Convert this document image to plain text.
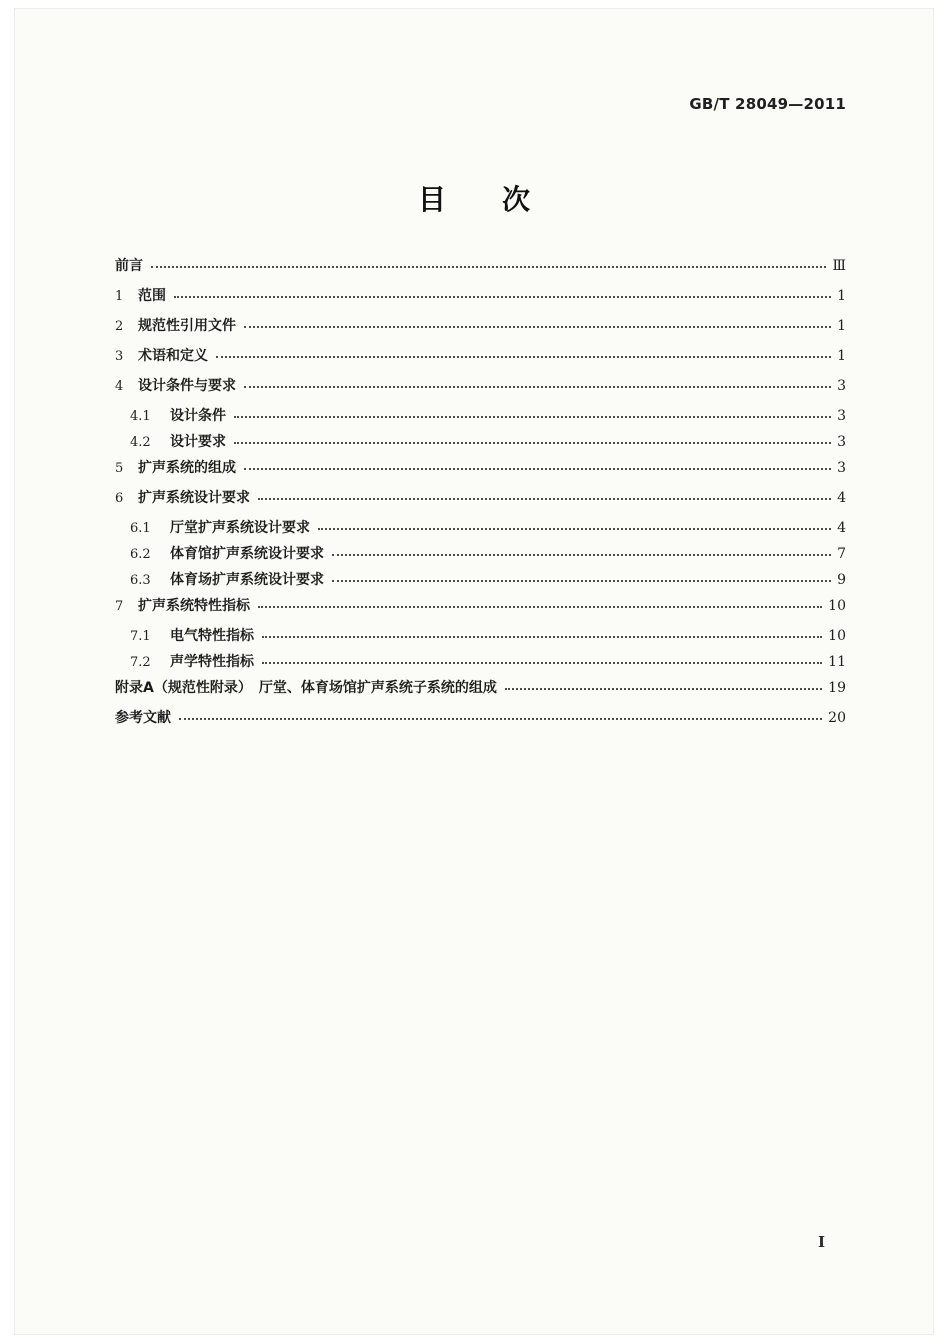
GB/T 28049—2011
目　　次
前言	Ⅲ
1	范围	1
2	规范性引用文件	1
3	术语和定义	1
4	设计条件与要求	3
4.1	设计条件	3
4.2	设计要求	3
5	扩声系统的组成	3
6	扩声系统设计要求	4
6.1	厅堂扩声系统设计要求	4
6.2	体育馆扩声系统设计要求	7
6.3	体育场扩声系统设计要求	9
7	扩声系统特性指标	10
7.1	电气特性指标	10
7.2	声学特性指标	11
附录A（规范性附录）　厅堂、体育场馆扩声系统子系统的组成	19
参考文献	20
I
